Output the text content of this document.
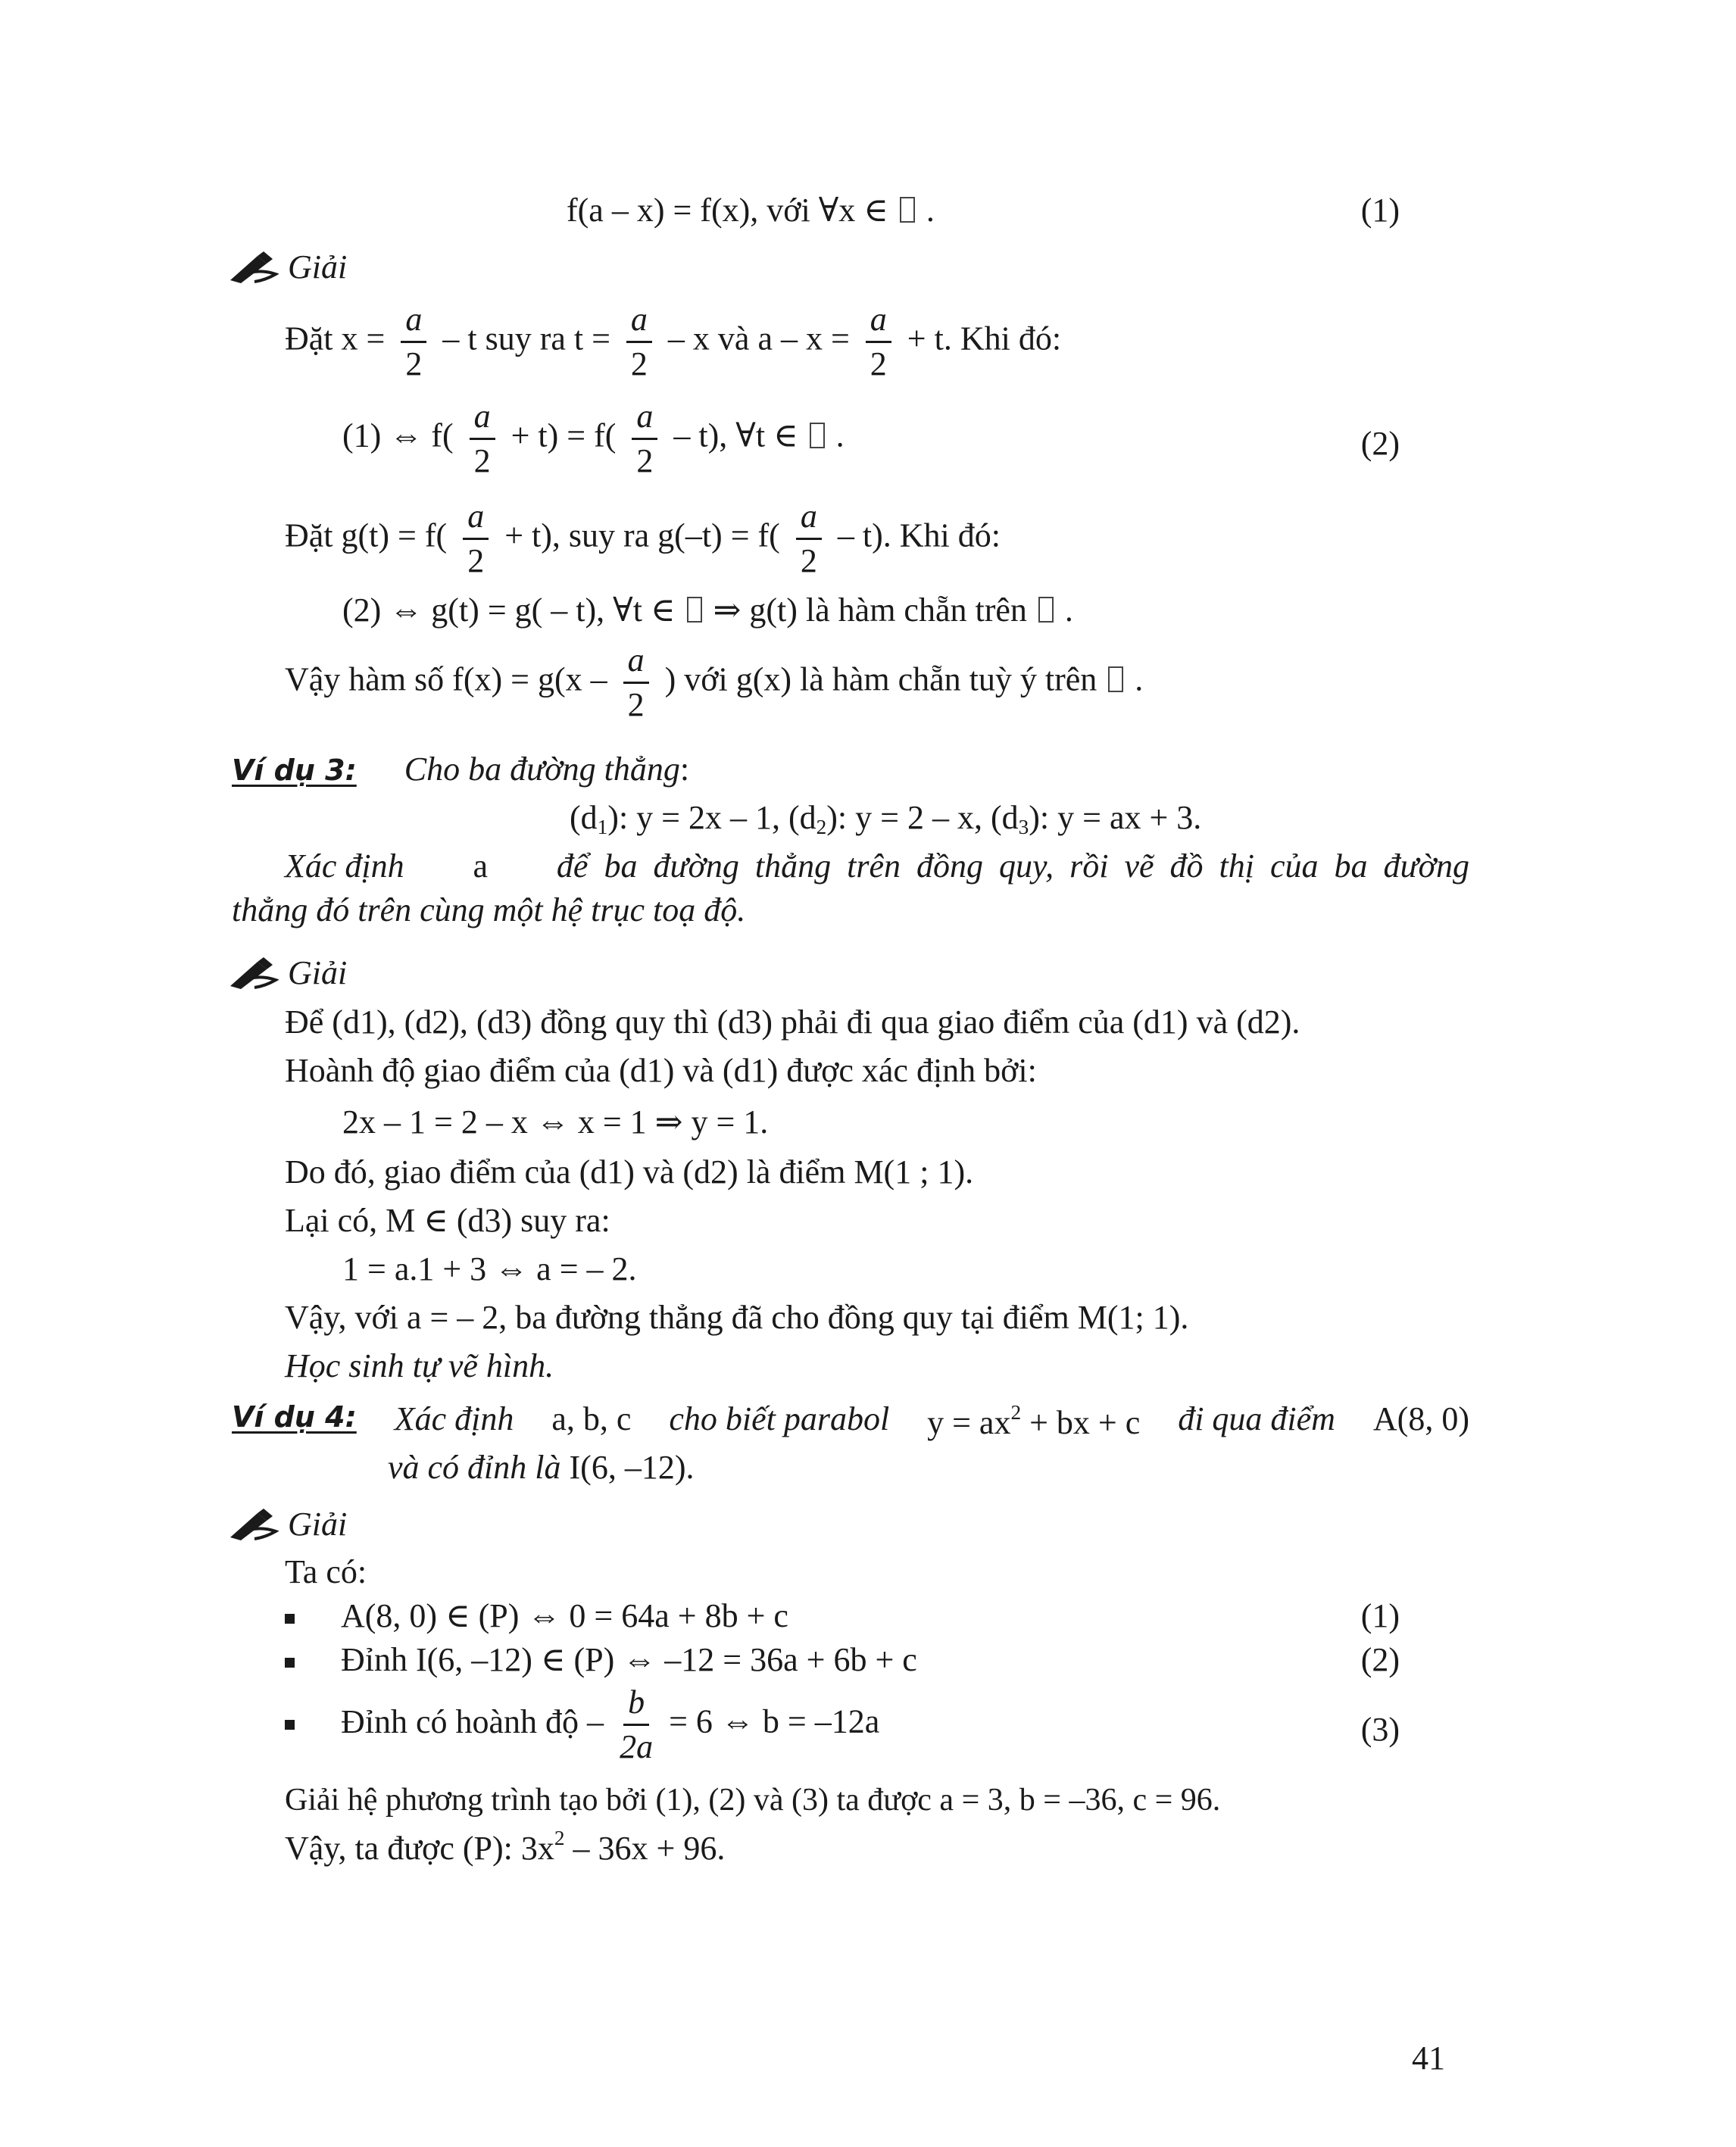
f(a – x) = f(x), với ∀x ∈ .	(1)
Giải
Đặt $x = \frac{a}{2} - t$ suy ra $t = \frac{a}{2} - x$ và $a - x = \frac{a}{2} + t$. Khi đó:
(1) ⇔ $f( \frac{a}{2} + t) = f( \frac{a}{2} - t)$, ∀t ∈ .	(2)
Đặt $g(t) = f( \frac{a}{2} + t)$, suy ra $g(-t) = f( \frac{a}{2} - t)$. Khi đó:
(2) ⇔ g(t) = g( – t), ∀t ∈ ⇒ g(t) là hàm chẵn trên .
Vậy hàm số $f(x) = g(x - \frac{a}{2}$ ) với g(x) là hàm chẵn tuỳ ý trên .
Ví dụ 3: Cho ba đường thẳng:
$(d_1)$: y = 2x – 1, $(d_2)$: y = 2 – x, $(d_3)$: y = ax + 3.
Xác định a để ba đường thẳng trên đồng quy, rồi vẽ đồ thị của ba đường
thẳng đó trên cùng một hệ trục toạ độ.
Giải
Để (d1), (d2), (d3) đồng quy thì (d3) phải đi qua giao điểm của (d1) và (d2).
Hoành độ giao điểm của (d1) và (d1) được xác định bởi:
2x – 1 = 2 – x ⇔ x = 1 ⇒ y = 1.
Do đó, giao điểm của (d1) và (d2) là điểm M(1 ; 1).
Lại có, M ∈ (d3) suy ra:
1 = a.1 + 3 ⇔ a = – 2.
Vậy, với a = – 2, ba đường thẳng đã cho đồng quy tại điểm M(1; 1).
Học sinh tự vẽ hình.
Ví dụ 4: Xác định a, b, c cho biết parabol $y = ax^2$ + bx + c đi qua điểm A(8, 0)
và có đỉnh là I(6, –12).
Giải
Ta có:
A(8, 0) ∈ (P) ⇔ 0 = 64a + 8b + c	(1)
Đỉnh I(6, –12) ∈ (P) ⇔ –12 = 36a + 6b + c	(2)
Đỉnh có hoành độ – $\frac{b}{2a} = 6$ ⇔ b = –12a	(3)
Giải hệ phương trình tạo bởi (1), (2) và (3) ta được a = 3, b = –36, c = 96.
Vậy, ta được (P): $3x^2 - 36x + 96$.
41
